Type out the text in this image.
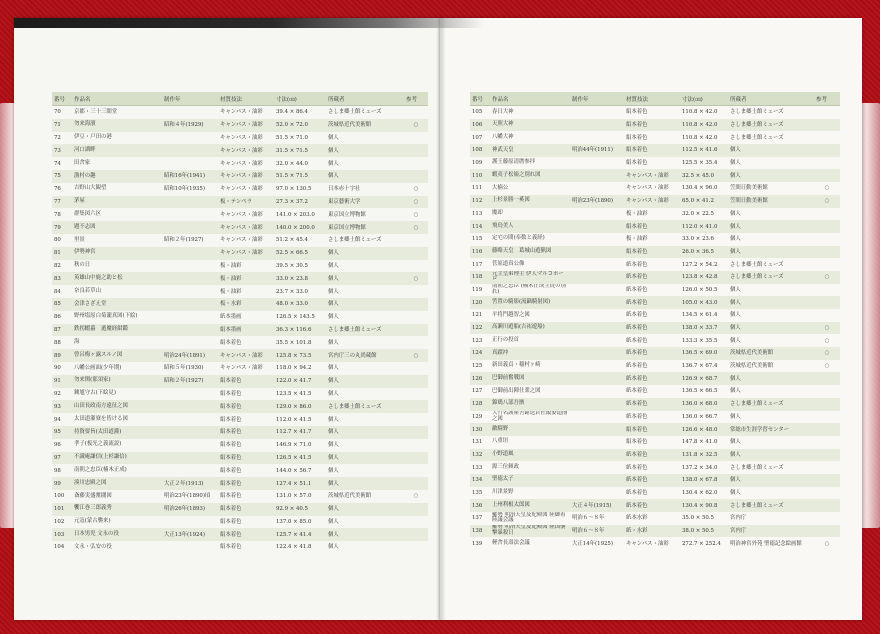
番号	作品名	制作年	材質技法	寸法(㎝)	所蔵者	参考
70	京都・三十三間堂		キャンバス・油彩	39.4 × 86.4	さしま郷土館ミューズ	
71	勿来海濱	昭和４年(1929)	キャンバス・油彩	52.0 × 72.0	茨城県近代美術館	○
72	伊豆・戸田の港		キャンバス・油彩	51.5 × 71.0	個人	
73	河口湖畔		キャンバス・油彩	31.5 × 71.5	個人	
74	田舎家		キャンバス・油彩	32.0 × 44.0	個人	
75	漁村の趣	昭和16年(1941)	キャンバス・油彩	51.5 × 71.5	個人	
76	吉野山大観望	昭和10年(1935)	キャンバス・油彩	97.0 × 130.5	日本赤十字社	○
77	茅屋		板・テンペラ	27.3 × 37.2	東京藝術大学	○
78	群集図六区		キャンバス・油彩	141.0 × 203.0	東京国立博物館	○
79	題不志図		キャンバス・油彩	140.0 × 200.0	東京国立博物館	○
80	里景	昭和２年(1927)	キャンバス・油彩	51.2 × 45.4	さしま郷土館ミューズ	
81	伊勢神宮		キャンバス・油彩	52.5 × 66.5	個人	
82	秋の日		板・油彩	39.5 × 30.5	個人	
83	英雄山中鹿之助と松		板・油彩	33.0 × 23.8	個人	○
84	奈良若草山		板・油彩	23.7 × 33.0	個人	
85	会津さざえ堂		板・水彩	48.0 × 33.0	個人	
86	野州塩原白菊瀧真図(下絵)		紙本墨画	126.5 × 143.5	個人	
87	鉄拐蝦蟇　遁魔経紺鑑		絹本墨画	36.3 × 116.6	さしま郷土館ミューズ	
88	海		絹本着色	35.5 × 101.8	個人	
89	曾呂梅ヶ露スルノ図	明治24年(1891)	キャンバス・油彩	125.8 × 73.5	宮内庁三の丸尚蔵館	○
90	八幡公画面(少年期)	昭和５年(1930)	キャンバス・油彩	118.0 × 94.2	個人	
91	勿来関(那須家)	昭和２年(1927)	絹本着色	122.0 × 41.7	個人	
92	鍾馗守古(下絵見)		絹本着色	123.5 × 41.5	個人	
93	山田長政南方遠征之図		絹本着色	129.0 × 86.0	さしま郷土館ミューズ	
94	太田道灌寮を皆ける図		絹本着色	112.0 × 41.5	個人	
95	持資要旨(太田道灌)		絹本着色	112.7 × 41.7	個人	
96	孝子(板光之義流説)		絹本着色	146.9 × 71.0	個人	
97	不識庵謙信(上杉謙信)		絹本着色	126.5 × 41.5	個人	
98	南朝之忠臣(楠木正成)		絹本着色	144.0 × 56.7	個人	
99	湊川忠殿之図	大正２年(1913)	絹本着色	127.4 × 51.1	個人	
100	斎藤実盛奮闘図	明治23年(1890)頃	絹本着色	131.0 × 57.0	茨城県近代美術館	○
101	饗江巻三郎義秀	明治26年(1893)	絹本着色	92.9 × 40.5	個人	
102	元寇(蒙古襲来)		絹本着色	137.0 × 85.0	個人	
103	日本男児 文永の役	大正13年(1924)	絹本着色	125.7 × 41.4	個人	
104	文永・弘安の役		絹本着色	122.4 × 41.8	個人	
番号	作品名	制作年	材質技法	寸法(㎝)	所蔵者	参考
105	春日大神		絹本着色	110.8 × 42.0	さしま郷土館ミューズ	
106	天照大神		絹本着色	110.8 × 42.0	さしま郷土館ミューズ	
107	八幡大神		絹本着色	110.8 × 42.0	さしま郷土館ミューズ	
108	神武天皇	明治44年(1911)	絹本着色	112.5 × 41.6	個人	
109	護王藤原清麿参拝		絹本着色	125.5 × 35.4	個人	
110	蝦夷子松姫之別れ図		キャンバス・油彩	32.5 × 45.0	個人	
111	大楠公		キャンバス・油彩	130.4 × 96.0	笠間日動美術館	○
112	上杉景勝一奚図	明治23年(1890)	キャンバス・油彩	65.0 × 41.2	笠間日動美術館	○
113	魔却		板・油彩	32.0 × 22.5	個人	
114	飛鳥美人		絹本着色	112.0 × 41.0	個人	
115	定宅の間(奉数と義経)		板・油彩	33.0 × 23.6	個人	
116	藤略天皇　葛城山遊猟図		絹本着色	26.0 × 36.5	個人	
117	菅原道真公像		紙本着色	127.2 × 54.2	さしま郷土館ミューズ	
118	元主皇弟理主 伊人マルコポーロ		紙本着色	123.8 × 42.8	さしま郷土館ミューズ	○
119	南朝之忠臣 (楠木正成主従の別れ)		紙本着色	126.0 × 50.5	個人	
120	筈置の騎影(流鏑騎射図)		紙本着色	105.0 × 43.0	個人	
121	平将門越智之図		紙本着色	134.5 × 61.4	個人	
122	高瀬川遊船(吉祐遊船)		紙本着色	138.0 × 33.7	個人	○
123	正行の投首		紙本着色	133.3 × 35.5	個人	○
124	真蹟冲		紙本着色	136.5 × 69.0	茨城県近代美術館	○
125	新田義貞・稲村ヶ崎		紙本着色	136.7 × 67.4	茨城県近代美術館	○
126	巴御前奮戦図		紙本着色	126.9 × 68.7	個人	
127	巴御前出陣仕業之図		紙本着色	136.5 × 66.5	個人	
128	錦鶏八部吾骸		紙本着色	136.0 × 68.0	さしま郷土館ミューズ	
129	大竹名護屋筈鎗送倉佐飯姿道圏之図		紙本着色	136.0 × 66.7	個人	
130	敵騎野		絹本着色	126.6 × 48.0	常総市生涯学習センター	
131	八重垣		絹本着色	147.8 × 41.0	個人	
132	小野道風		紙本着色	131.8 × 32.5	個人	
133	源三位頼政		紙本着色	137.2 × 34.0	さしま郷土館ミューズ	
134	聖徳太子		紙本着色	138.0 × 67.8	個人	
135	川津景野		紙本着色	130.4 × 62.0	個人	
136	上州利根太郎図	大正４年(1915)	紙本着色	130.4 × 90.8	さしま郷土館ミューズ	
137	羅勢 明治天皇及妃殿図 陸御着陸議会議	明治６～８年	紙本水彩	35.0 × 50.5	宮内庁	
138	羅勢 明治天皇及妃殿図 陸国襲撃暴殺日	明治６～８年	紙・水彩	38.0 × 50.5	宮内庁	
139	軽舎長壽法会議	大正14年(1925)	キャンバス・油彩	272.7 × 252.4	明治神宮外苑 聖徳記念絵画館	○
